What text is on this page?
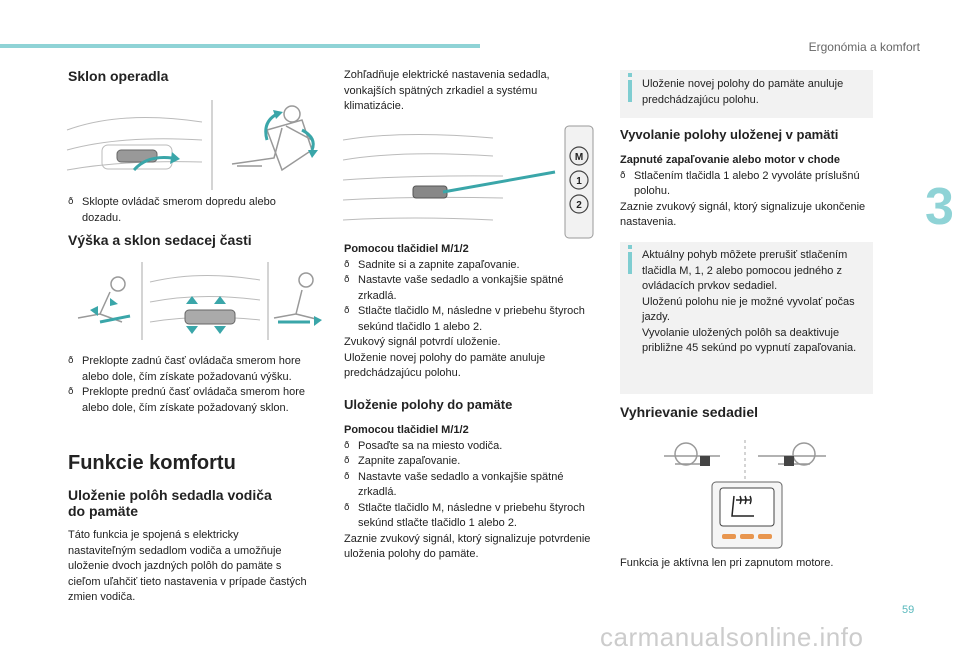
Ergonómia a komfort
3
Sklon operadla
ð Sklopte ovládač smerom dopredu alebo dozadu.
Výška a sklon sedacej časti
ð Preklopte zadnú časť ovládača smerom hore alebo dole, čím získate požadovanú výšku.
ð Preklopte prednú časť ovládača smerom hore alebo dole, čím získate požadovaný sklon.
Funkcie komfortu
Uloženie polôh sedadla vodiča
do pamäte
Táto funkcia je spojená s elektricky nastaviteľným sedadlom vodiča a umožňuje uloženie dvoch jazdných polôh do pamäte s cieľom uľahčiť tieto nastavenia v prípade častých zmien vodiča.
Zohľadňuje elektrické nastavenia sedadla, vonkajších spätných zrkadiel a systému klimatizácie.
M
1
2
Pomocou tlačidiel M/1/2
ð Sadnite si a zapnite zapaľovanie.
ð Nastavte vaše sedadlo a vonkajšie spätné zrkadlá.
ð Stlačte tlačidlo M, následne v priebehu štyroch sekúnd tlačidlo 1 alebo 2.
Zvukový signál potvrdí uloženie.
Uloženie novej polohy do pamäte anuluje predchádzajúcu polohu.
Uloženie polohy do pamäte
Pomocou tlačidiel M/1/2
ð Posaďte sa na miesto vodiča.
ð Zapnite zapaľovanie.
ð Nastavte vaše sedadlo a vonkajšie spätné zrkadlá.
ð Stlačte tlačidlo M, následne v priebehu štyroch sekúnd stlačte tlačidlo 1 alebo 2.
Zaznie zvukový signál, ktorý signalizuje potvrdenie uloženia polohy do pamäte.
Uloženie novej polohy do pamäte anuluje predchádzajúcu polohu.
Vyvolanie polohy uloženej v pamäti
Zapnuté zapaľovanie alebo motor v chode
ð Stlačením tlačidla 1 alebo 2 vyvoláte príslušnú polohu.
Zaznie zvukový signál, ktorý signalizuje ukončenie nastavenia.
Aktuálny pohyb môžete prerušiť stlačením tlačidla M, 1, 2 alebo pomocou jedného z ovládacích prvkov sedadiel.
Uloženú polohu nie je možné vyvolať počas jazdy.
Vyvolanie uložených polôh sa deaktivuje približne 45 sekúnd po vypnutí zapaľovania.
Vyhrievanie sedadiel
Funkcia je aktívna len pri zapnutom motore.
59
carmanualsonline.info
